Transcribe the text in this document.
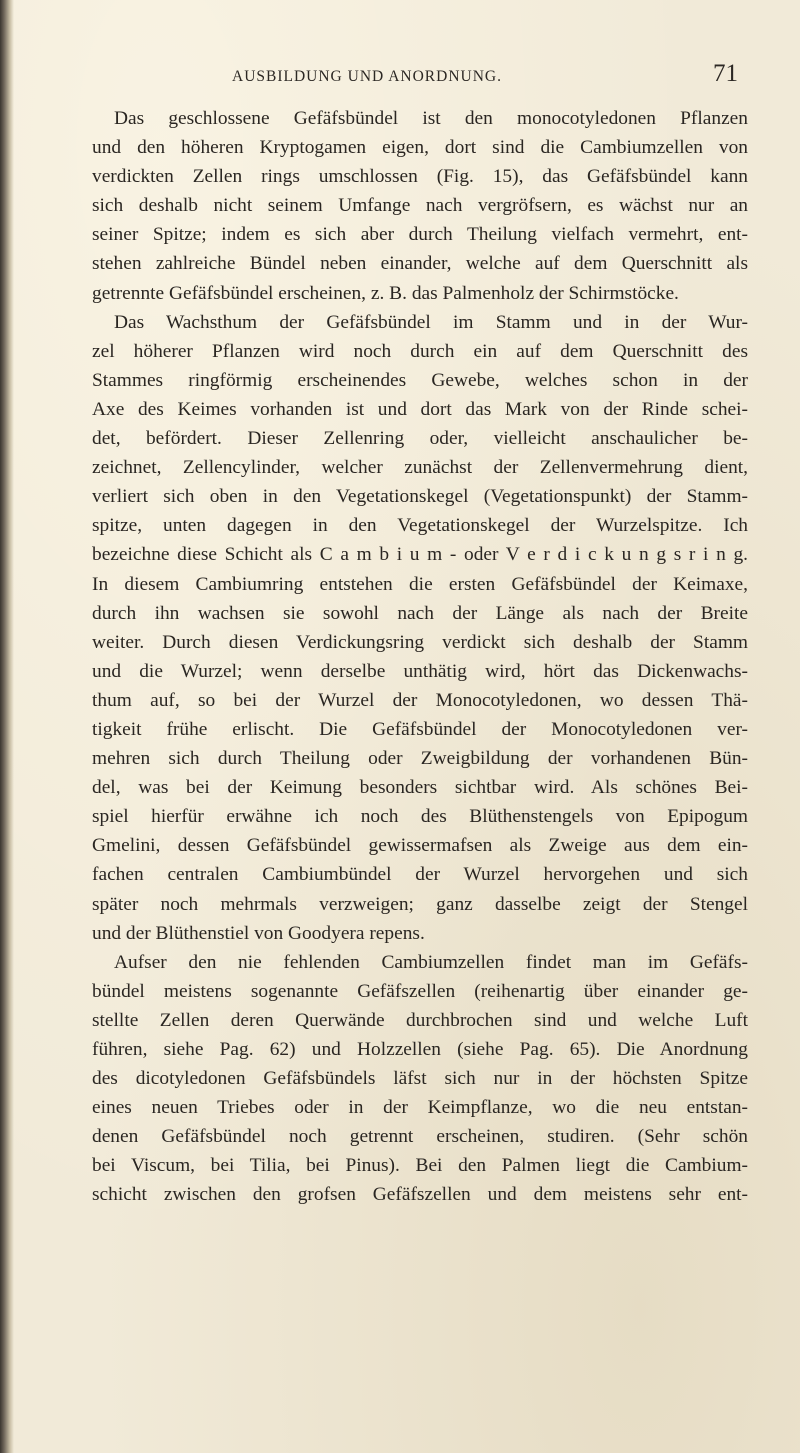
AUSBILDUNG UND ANORDNUNG.	71
Das geschlossene Gefäfsbündel ist den monocotyledonen Pflanzen
und den höheren Kryptogamen eigen, dort sind die Cambiumzellen von
verdickten Zellen rings umschlossen (Fig. 15), das Gefäfsbündel kann
sich deshalb nicht seinem Umfange nach vergröfsern, es wächst nur an
seiner Spitze; indem es sich aber durch Theilung vielfach vermehrt, ent-
stehen zahlreiche Bündel neben einander, welche auf dem Querschnitt als
getrennte Gefäfsbündel erscheinen, z. B. das Palmenholz der Schirmstöcke.
Das Wachsthum der Gefäfsbündel im Stamm und in der Wur-
zel höherer Pflanzen wird noch durch ein auf dem Querschnitt des
Stammes ringförmig erscheinendes Gewebe, welches schon in der
Axe des Keimes vorhanden ist und dort das Mark von der Rinde schei-
det, befördert. Dieser Zellenring oder, vielleicht anschaulicher be-
zeichnet, Zellencylinder, welcher zunächst der Zellenvermehrung dient,
verliert sich oben in den Vegetationskegel (Vegetationspunkt) der Stamm-
spitze, unten dagegen in den Vegetationskegel der Wurzelspitze. Ich
bezeichne diese Schicht als C a m b i u m - oder V e r d i c k u n g s r i n g.
In diesem Cambiumring entstehen die ersten Gefäfsbündel der Keimaxe,
durch ihn wachsen sie sowohl nach der Länge als nach der Breite
weiter. Durch diesen Verdickungsring verdickt sich deshalb der Stamm
und die Wurzel; wenn derselbe unthätig wird, hört das Dickenwachs-
thum auf, so bei der Wurzel der Monocotyledonen, wo dessen Thä-
tigkeit frühe erlischt. Die Gefäfsbündel der Monocotyledonen ver-
mehren sich durch Theilung oder Zweigbildung der vorhandenen Bün-
del, was bei der Keimung besonders sichtbar wird. Als schönes Bei-
spiel hierfür erwähne ich noch des Blüthenstengels von Epipogum
Gmelini, dessen Gefäfsbündel gewissermafsen als Zweige aus dem ein-
fachen centralen Cambiumbündel der Wurzel hervorgehen und sich
später noch mehrmals verzweigen; ganz dasselbe zeigt der Stengel
und der Blüthenstiel von Goodyera repens.
Aufser den nie fehlenden Cambiumzellen findet man im Gefäfs-
bündel meistens sogenannte Gefäfszellen (reihenartig über einander ge-
stellte Zellen deren Querwände durchbrochen sind und welche Luft
führen, siehe Pag. 62) und Holzzellen (siehe Pag. 65). Die Anordnung
des dicotyledonen Gefäfsbündels läfst sich nur in der höchsten Spitze
eines neuen Triebes oder in der Keimpflanze, wo die neu entstan-
denen Gefäfsbündel noch getrennt erscheinen, studiren. (Sehr schön
bei Viscum, bei Tilia, bei Pinus). Bei den Palmen liegt die Cambium-
schicht zwischen den grofsen Gefäfszellen und dem meistens sehr ent-
